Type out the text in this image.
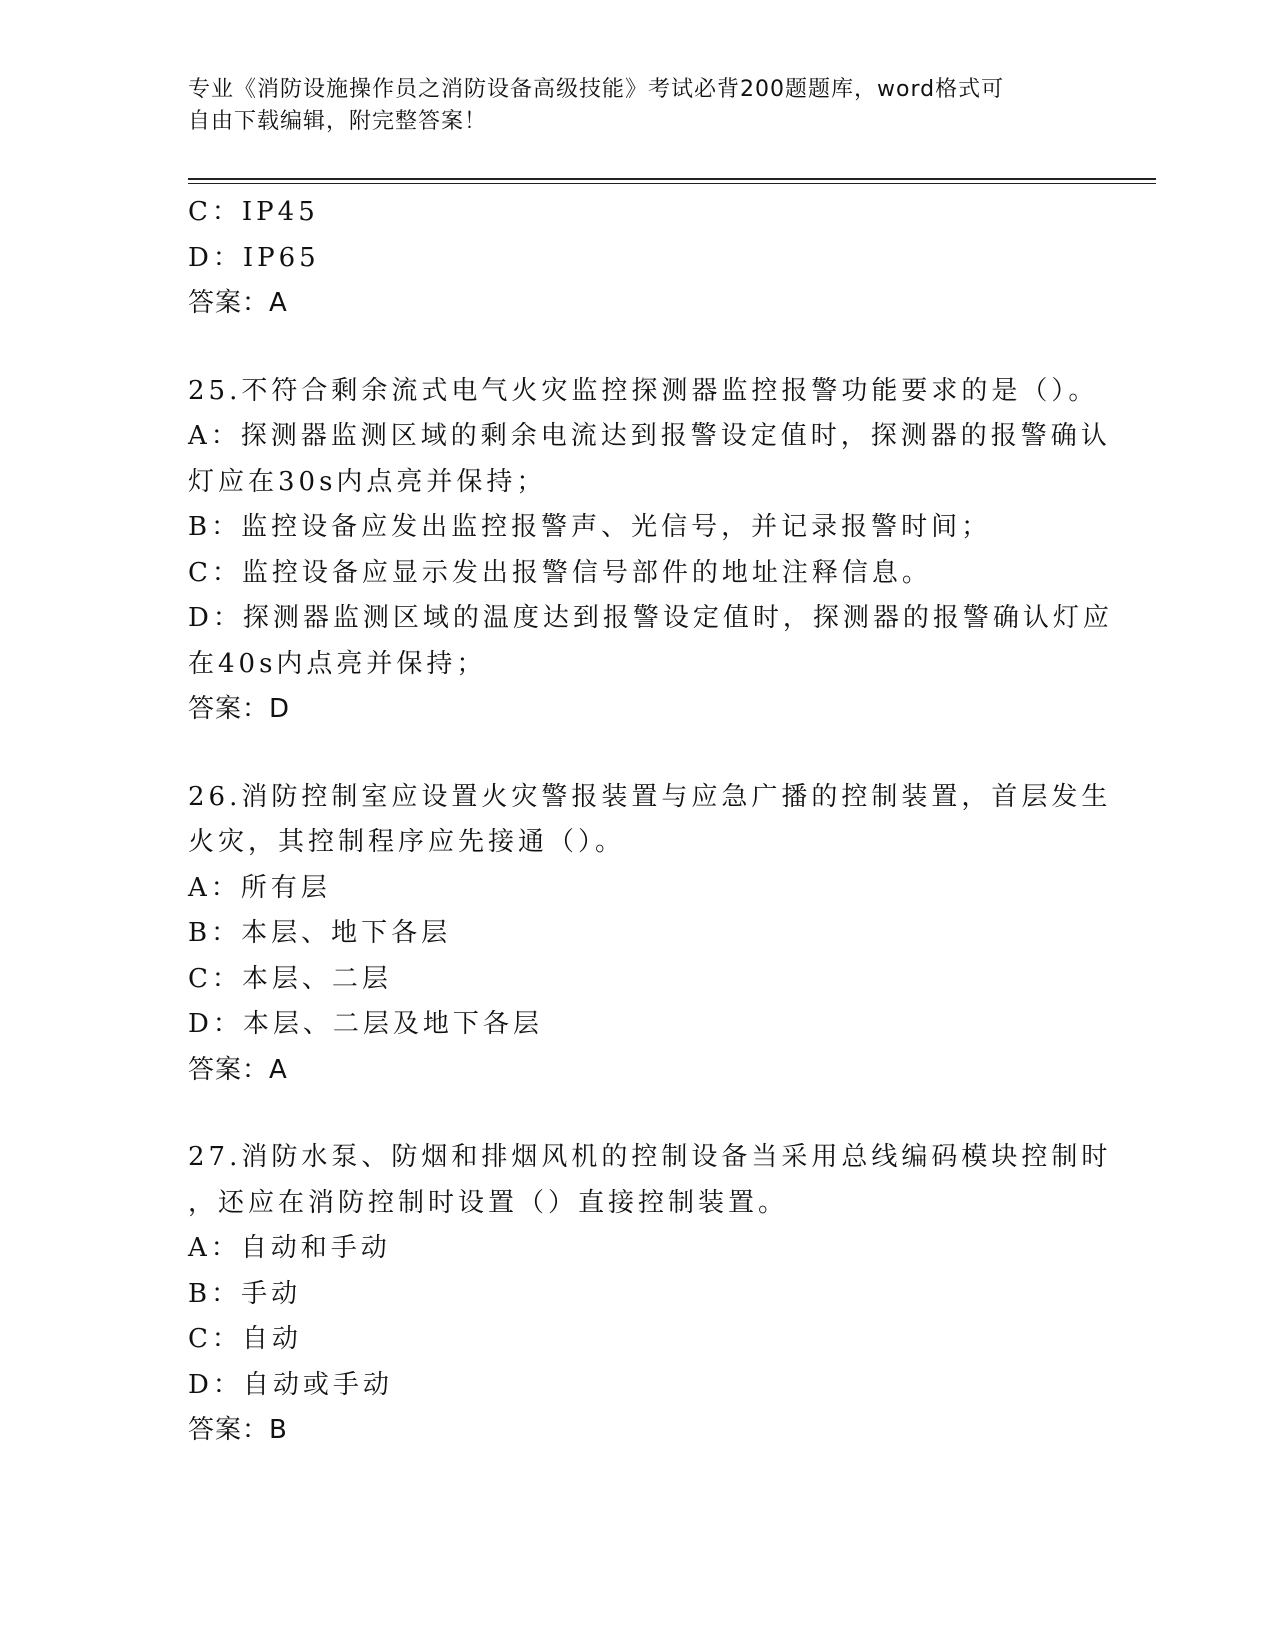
专业《消防设施操作员之消防设备高级技能》考试必背200题题库，word格式可
自由下载编辑，附完整答案！
C：IP45
D：IP65
答案：A
25.不符合剩余流式电气火灾监控探测器监控报警功能要求的是（）。
A：探测器监测区域的剩余电流达到报警设定值时，探测器的报警确认
灯应在30s内点亮并保持；
B：监控设备应发出监控报警声、光信号，并记录报警时间；
C：监控设备应显示发出报警信号部件的地址注释信息。
D：探测器监测区域的温度达到报警设定值时，探测器的报警确认灯应
在40s内点亮并保持；
答案：D
26.消防控制室应设置火灾警报装置与应急广播的控制装置，首层发生
火灾，其控制程序应先接通（）。
A：所有层
B：本层、地下各层
C：本层、二层
D：本层、二层及地下各层
答案：A
27.消防水泵、防烟和排烟风机的控制设备当采用总线编码模块控制时
，还应在消防控制时设置（）直接控制装置。
A：自动和手动
B：手动
C：自动
D：自动或手动
答案：B
